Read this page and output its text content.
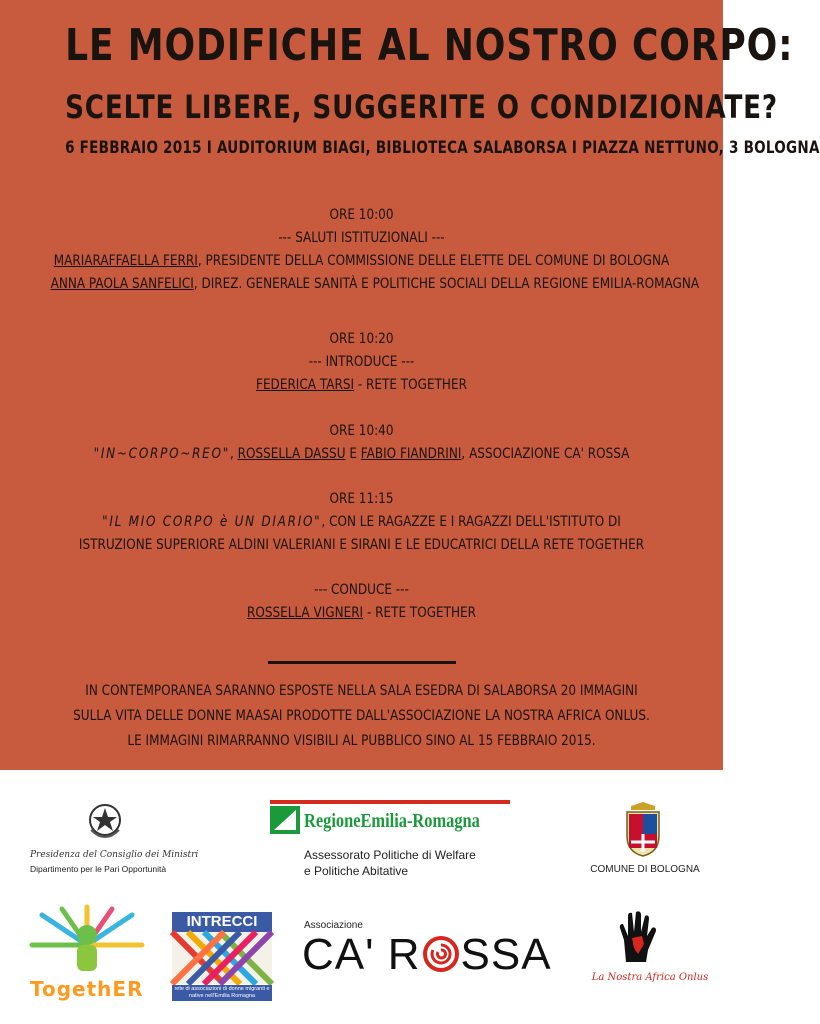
LE MODIFICHE AL NOSTRO CORPO:
SCELTE LIBERE, SUGGERITE O CONDIZIONATE?
6 FEBBRAIO 2015 I AUDITORIUM BIAGI, BIBLIOTECA SALABORSA I PIAZZA NETTUNO, 3 BOLOGNA
ORE 10:00
--- SALUTI ISTITUZIONALI ---
MARIARAFFAELLA FERRI, PRESIDENTE DELLA COMMISSIONE DELLE ELETTE DEL COMUNE DI BOLOGNA
ANNA PAOLA SANFELICI, DIREZ. GENERALE SANITÀ E POLITICHE SOCIALI DELLA REGIONE EMILIA-ROMAGNA
ORE 10:20
--- INTRODUCE ---
FEDERICA TARSI - RETE TOGETHER
ORE 10:40
"IN~CORPO~REO", ROSSELLA DASSU E FABIO FIANDRINI, ASSOCIAZIONE CA' ROSSA
ORE 11:15
"IL MIO CORPO è UN DIARIO", CON LE RAGAZZE E I RAGAZZI DELL'ISTITUTO DI
ISTRUZIONE SUPERIORE ALDINI VALERIANI E SIRANI E LE EDUCATRICI DELLA RETE TOGETHER
--- CONDUCE ---
ROSSELLA VIGNERI - RETE TOGETHER
IN CONTEMPORANEA SARANNO ESPOSTE NELLA SALA ESEDRA DI SALABORSA 20 IMMAGINI
SULLA VITA DELLE DONNE MAASAI PRODOTTE DALL'ASSOCIAZIONE LA NOSTRA AFRICA ONLUS.
LE IMMAGINI RIMARRANNO VISIBILI AL PUBBLICO SINO AL 15 FEBBRAIO 2015.
Presidenza del Consiglio dei Ministri
Dipartimento per le Pari Opportunità
RegioneEmilia-Romagna
Assessorato Politiche di Welfare
e Politiche Abitative	COMUNE DI BOLOGNA
TogethER
INTRECCI
rete di associazioni di donne migranti e native nell'Emilia Romagna
Associazione
CA' R SSA	La Nostra Africa Onlus
